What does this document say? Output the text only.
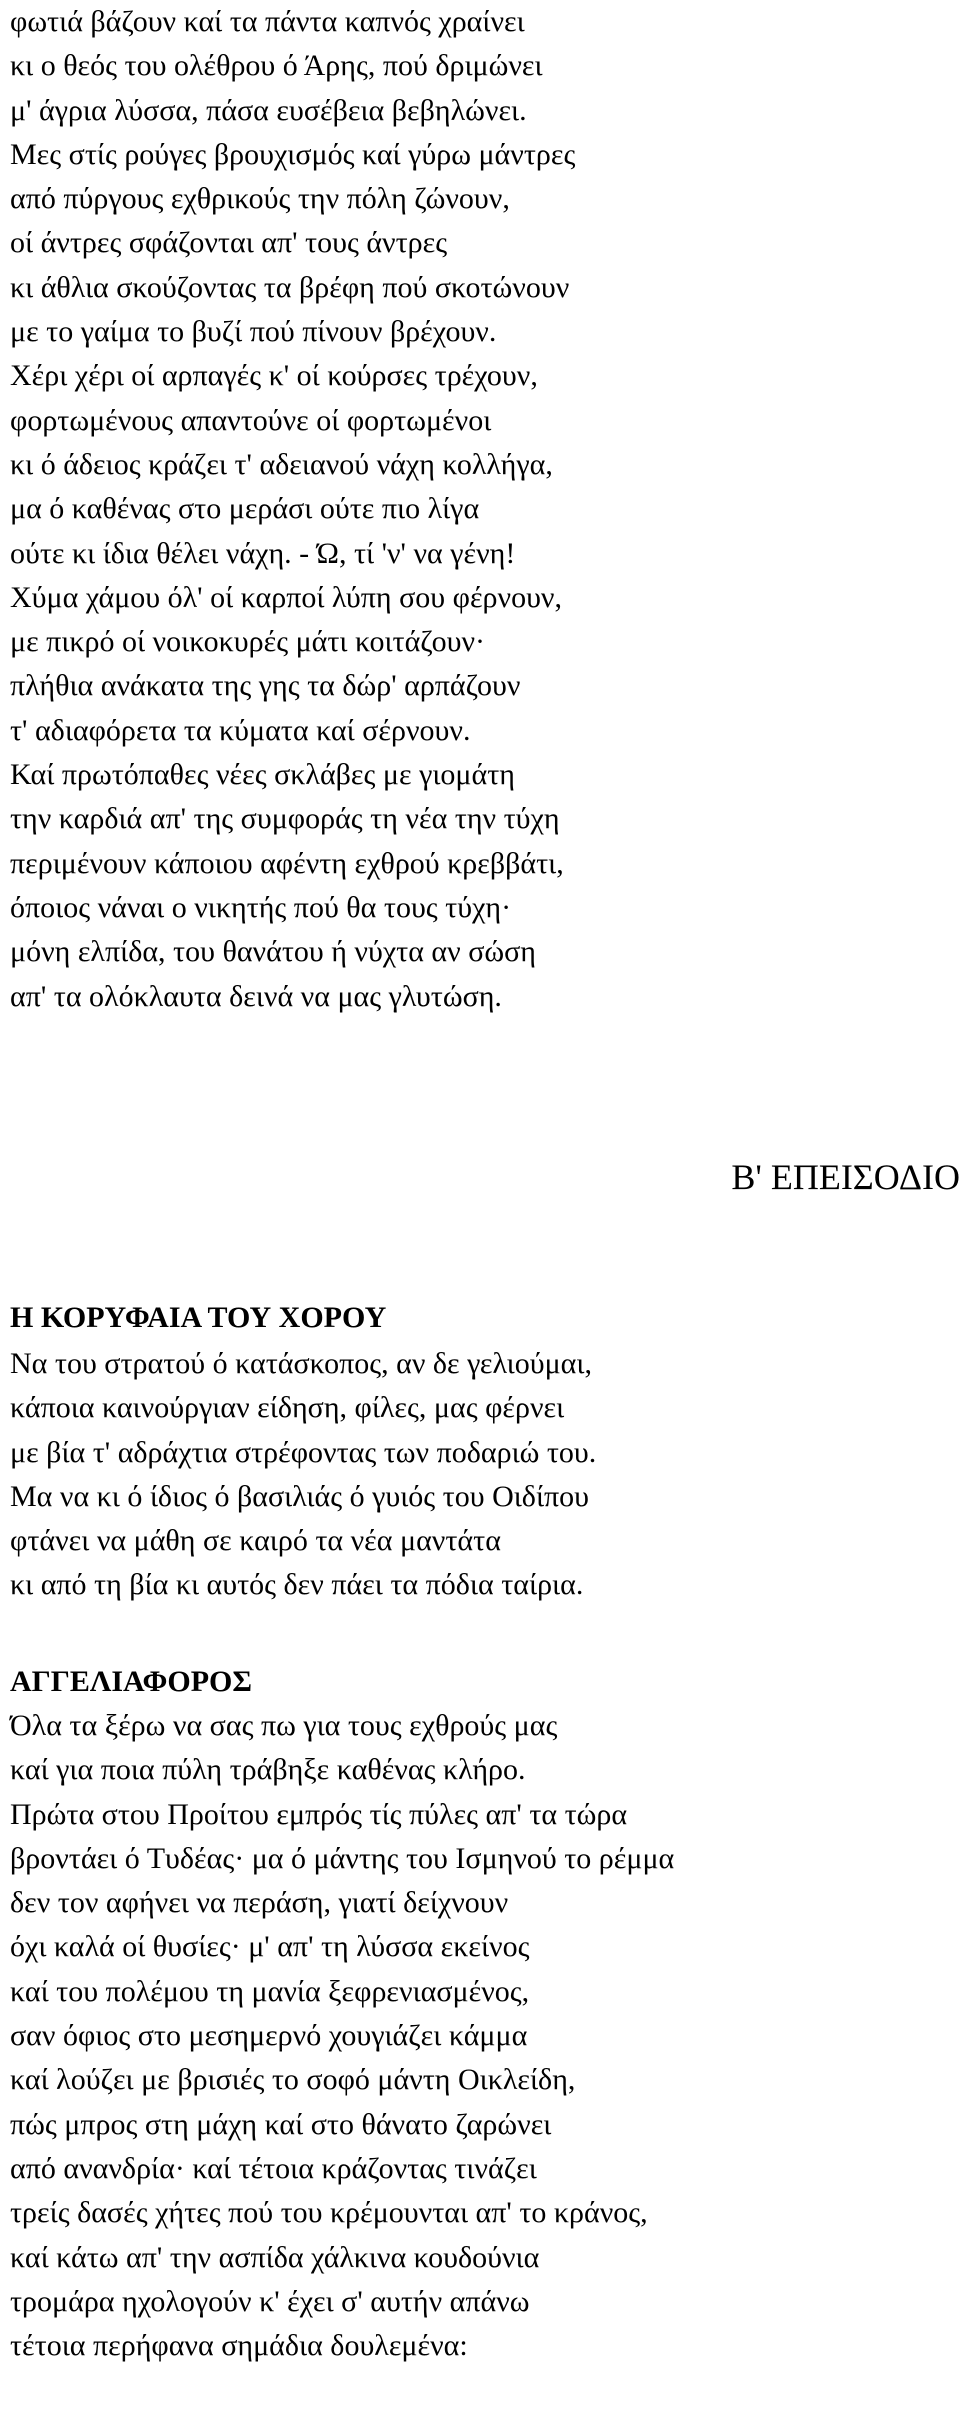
φωτιά βάζουν καί τα πάντα καπνός χραίνει
κι ο θεός του ολέθρου ό Άρης, πού δριμώνει
μ' άγρια λύσσα, πάσα ευσέβεια βεβηλώνει.
Μες στίς ρούγες βρουχισμός καί γύρω μάντρες
από πύργους εχθρικούς την πόλη ζώνουν,
οί άντρες σφάζονται απ' τους άντρες
κι άθλια σκούζοντας τα βρέφη πού σκοτώνουν
με το γαίμα το βυζί πού πίνουν βρέχουν.
Χέρι χέρι οί αρπαγές κ' οί κούρσες τρέχουν,
φορτωμένους απαντούνε οί φορτωμένοι
κι ό άδειος κράζει τ' αδειανού νάχη κολλήγα,
μα ό καθένας στο μεράσι ούτε πιο λίγα
ούτε κι ίδια θέλει νάχη. - Ώ, τί 'ν' να γένη!
Χύμα χάμου όλ' οί καρποί λύπη σου φέρνουν,
με πικρό οί νοικοκυρές μάτι κοιτάζουν·
πλήθια ανάκατα της γης τα δώρ' αρπάζουν
τ' αδιαφόρετα τα κύματα καί σέρνουν.
Καί πρωτόπαθες νέες σκλάβες με γιομάτη
την καρδιά απ' της συμφοράς τη νέα την τύχη
περιμένουν κάποιου αφέντη εχθρού κρεββάτι,
όποιος νάναι ο νικητής πού θα τους τύχη·
μόνη ελπίδα, του θανάτου ή νύχτα αν σώση
απ' τα ολόκλαυτα δεινά να μας γλυτώση.
Β' ΕΠΕΙΣΟΔΙΟ
Η ΚΟΡΥΦΑΙΑ ΤΟΥ ΧΟΡΟΥ
Να του στρατού ό κατάσκοπος, αν δε γελιούμαι,
κάποια καινούργιαν είδηση, φίλες, μας φέρνει
με βία τ' αδράχτια στρέφοντας των ποδαριώ του.
Μα να κι ό ίδιος ό βασιλιάς ό γυιός του Οιδίπου
φτάνει να μάθη σε καιρό τα νέα μαντάτα
κι από τη βία κι αυτός δεν πάει τα πόδια ταίρια.
ΑΓΓΕΛΙΑΦΟΡΟΣ
Όλα τα ξέρω να σας πω για τους εχθρούς μας
καί για ποια πύλη τράβηξε καθένας κλήρο.
Πρώτα στου Προίτου εμπρός τίς πύλες απ' τα τώρα
βροντάει ό Τυδέας· μα ό μάντης του Ισμηνού το ρέμμα
δεν τον αφήνει να περάση, γιατί δείχνουν
όχι καλά οί θυσίες· μ' απ' τη λύσσα εκείνος
καί του πολέμου τη μανία ξεφρενιασμένος,
σαν όφιος στο μεσημερνό χουγιάζει κάμμα
καί λούζει με βρισιές το σοφό μάντη Οικλείδη,
πώς μπρος στη μάχη καί στο θάνατο ζαρώνει
από ανανδρία· καί τέτοια κράζοντας τινάζει
τρείς δασές χήτες πού του κρέμουνται απ' το κράνος,
καί κάτω απ' την ασπίδα χάλκινα κουδούνια
τρομάρα ηχολογούν κ' έχει σ' αυτήν απάνω
τέτοια περήφανα σημάδια δουλεμένα:
